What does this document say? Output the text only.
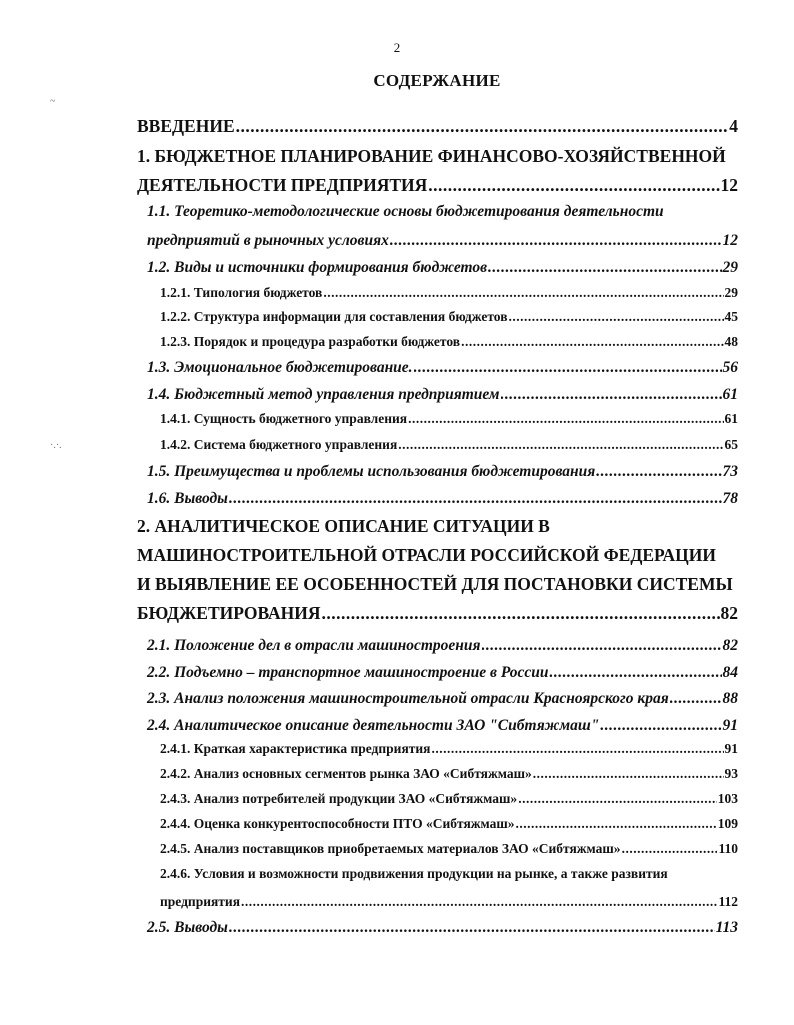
2
СОДЕРЖАНИЕ
ВВЕДЕНИЕ .....	4
1. БЮДЖЕТНОЕ ПЛАНИРОВАНИЕ ФИНАНСОВО-ХОЗЯЙСТВЕННОЙ
ДЕЯТЕЛЬНОСТИ ПРЕДПРИЯТИЯ .....	12
1.1. Теоретико-методологические основы бюджетирования деятельности
предприятий в рыночных условиях .....	12
1.2. Виды и источники формирования бюджетов .....	29
1.2.1. Типология бюджетов .....	29
1.2.2. Структура информации для составления бюджетов .....	45
1.2.3. Порядок и процедура разработки бюджетов .....	48
1.3. Эмоциональное бюджетирование. .....	56
1.4. Бюджетный метод управления предприятием .....	61
1.4.1. Сущность бюджетного управления .....	61
1.4.2. Система бюджетного управления .....	65
1.5. Преимущества и проблемы использования бюджетирования .....	73
1.6. Выводы .....	78
2. АНАЛИТИЧЕСКОЕ ОПИСАНИЕ СИТУАЦИИ В
МАШИНОСТРОИТЕЛЬНОЙ ОТРАСЛИ РОССИЙСКОЙ ФЕДЕРАЦИИ
И ВЫЯВЛЕНИЕ ЕЕ ОСОБЕННОСТЕЙ ДЛЯ ПОСТАНОВКИ СИСТЕМЫ
БЮДЖЕТИРОВАНИЯ .....	82
2.1. Положение дел в отрасли машиностроения .....	82
2.2. Подъемно – транспортное машиностроение в России .....	84
2.3. Анализ положения машиностроительной отрасли Красноярского края .....	88
2.4. Аналитическое описание деятельности ЗАО "Сибтяжмаш" .....	91
2.4.1. Краткая характеристика предприятия .....	91
2.4.2. Анализ основных сегментов рынка ЗАО «Сибтяжмаш» .....	93
2.4.3. Анализ потребителей продукции ЗАО «Сибтяжмаш» .....	103
2.4.4. Оценка конкурентоспособности ПТО «Сибтяжмаш» .....	109
2.4.5. Анализ поставщиков приобретаемых материалов ЗАО «Сибтяжмаш» .....	110
2.4.6. Условия и возможности продвижения продукции на рынке, а также развития
предприятия .....	112
2.5. Выводы .....	113
~
·.·.
